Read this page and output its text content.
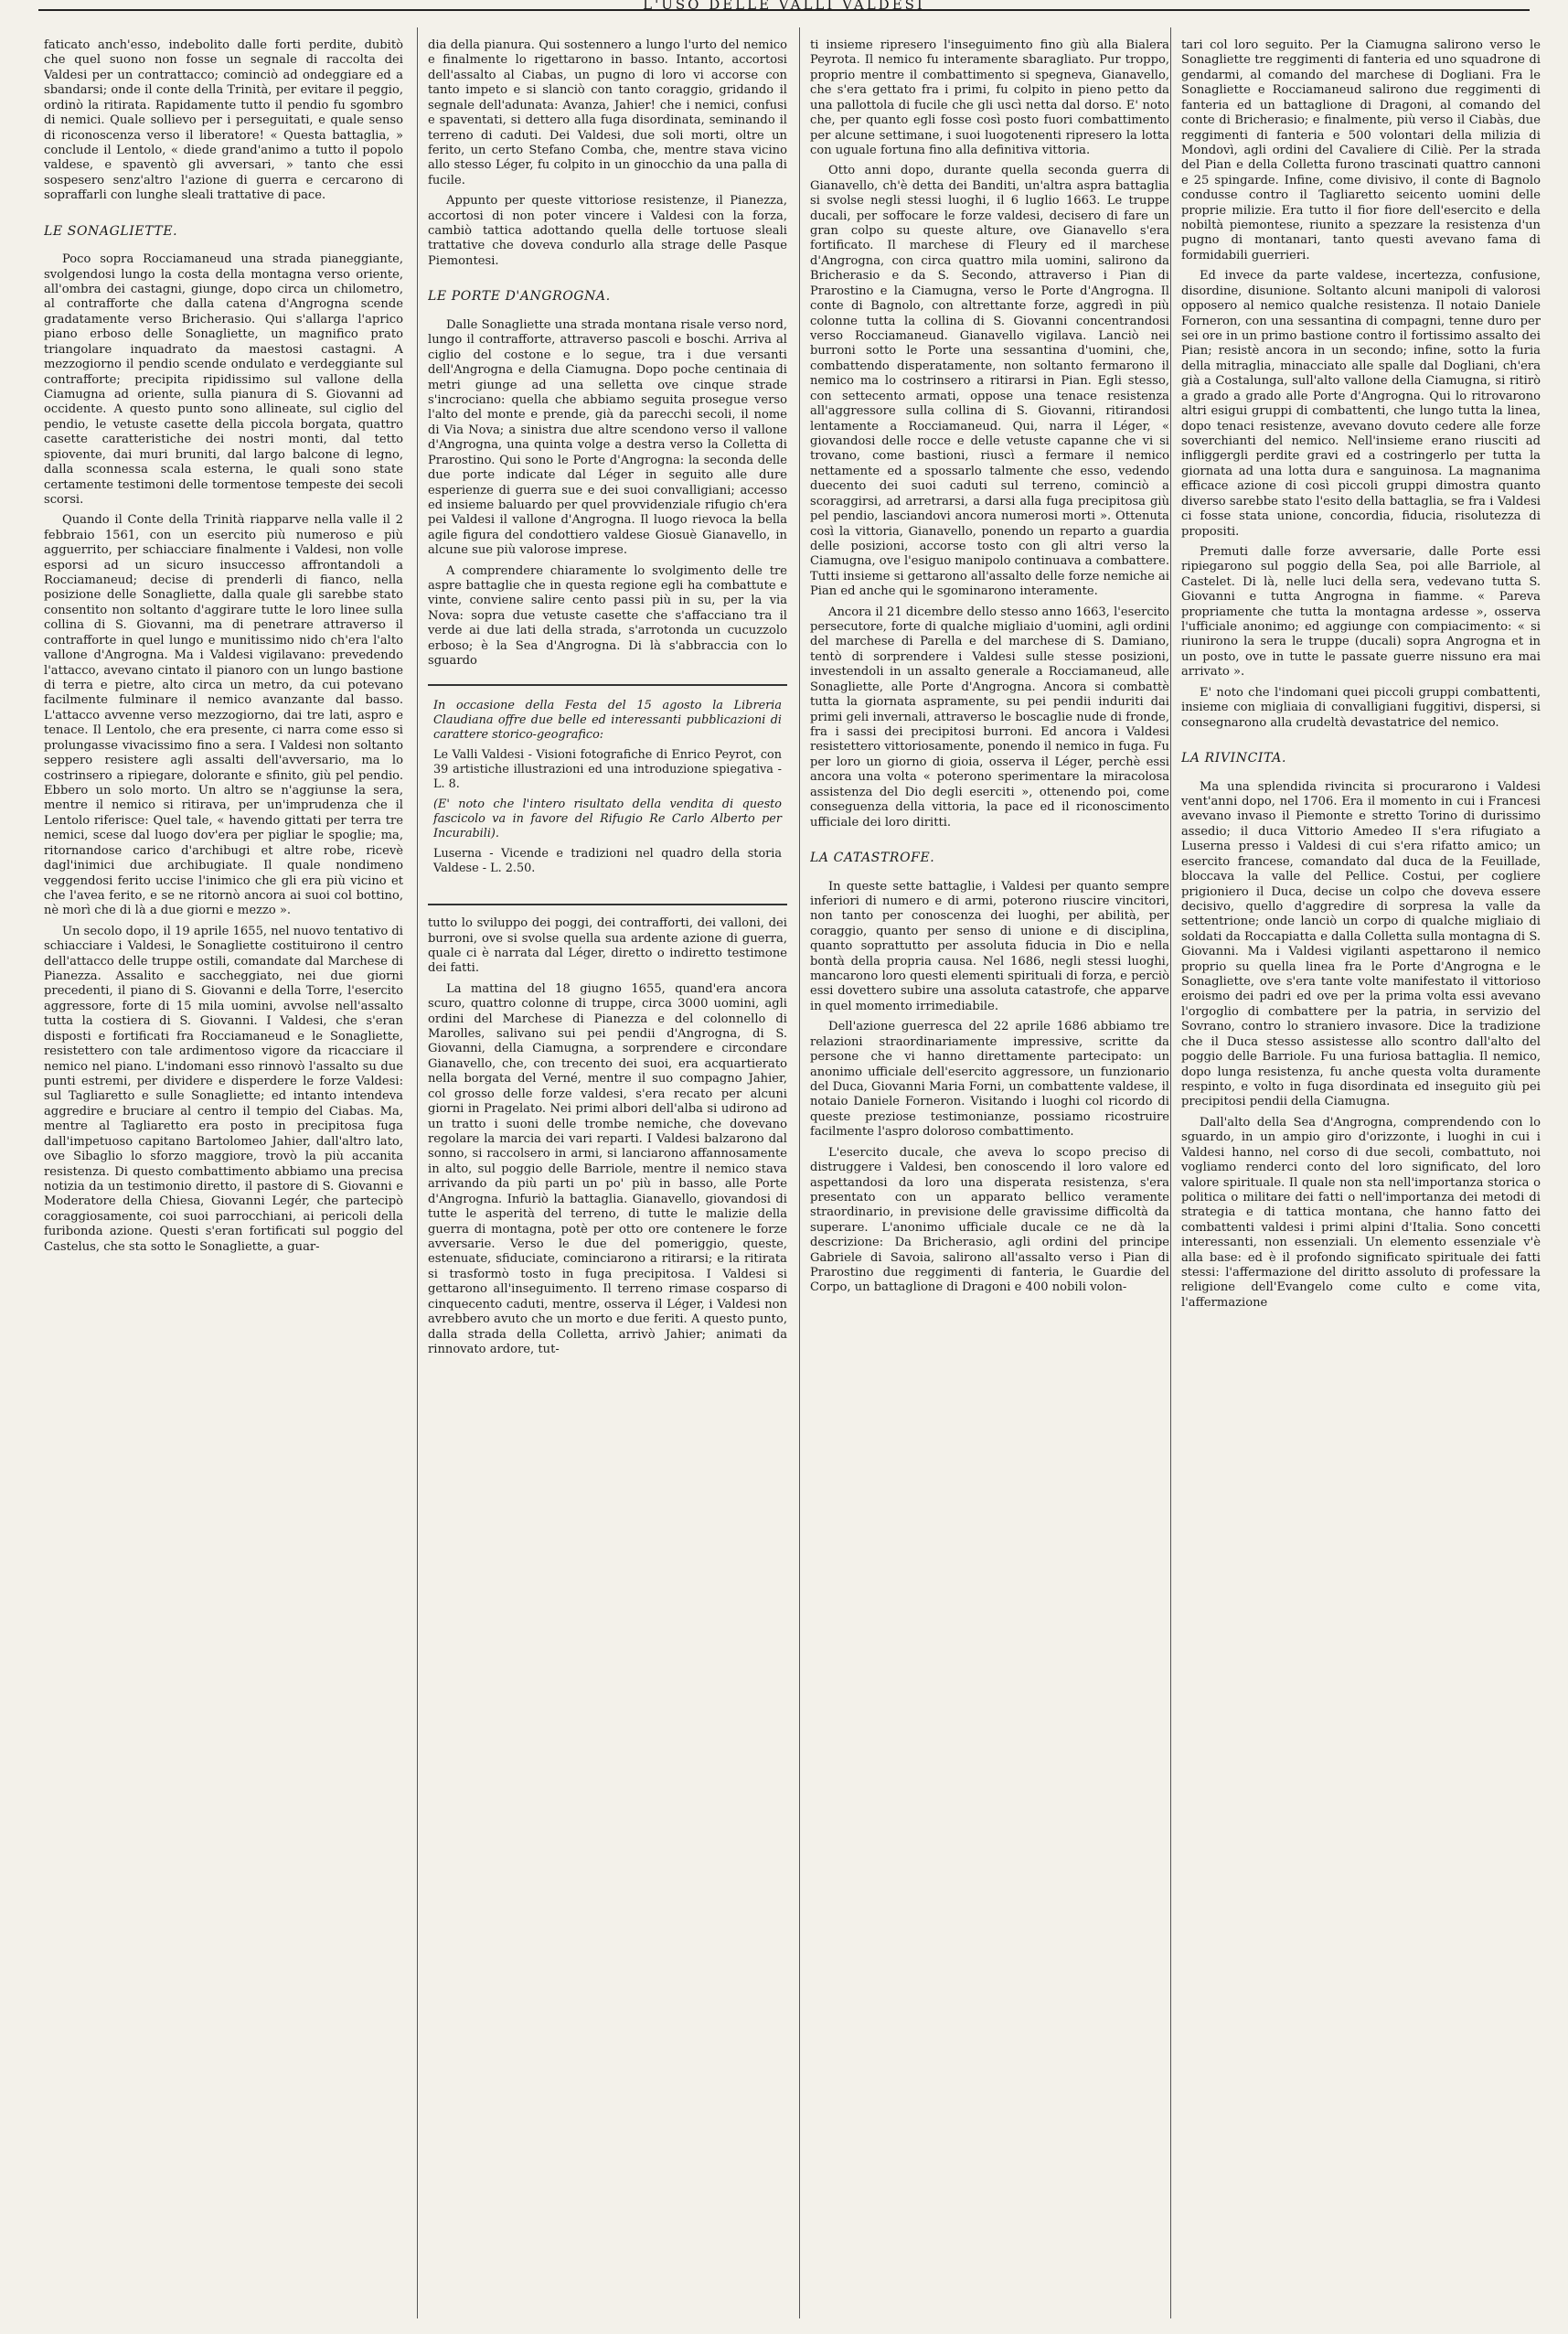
L'USO DELLE VALLI VALDESI

faticato anch'esso, indebolito dalle forti perdite, dubitò che quel suono non fosse un segnale di raccolta dei Valdesi per un contrattacco; cominciò ad ondeggiare ed a sbandarsi; onde il conte della Trinità, per evitare il peggio, ordinò la ritirata. Rapidamente tutto il pendio fu sgombro di nemici. Quale sollievo per i perseguitati, e quale senso di riconoscenza verso il liberatore! « Questa battaglia, » conclude il Lentolo, « diede grand'animo a tutto il popolo valdese, e spaventò gli avversari, » tanto che essi sospesero senz'altro l'azione di guerra e cercarono di sopraffarli con lunghe sleali trattative di pace.

LE SONAGLIETTE.

Poco sopra Rocciamaneud una strada pianeggiante, svolgendosi lungo la costa della montagna verso oriente, all'ombra dei castagni, giunge, dopo circa un chilometro, al contrafforte che dalla catena d'Angrogna scende gradatamente verso Bricherasio. Qui s'allarga l'aprico piano erboso delle Sonagliette, un magnifico prato triangolare inquadrato da maestosi castagni. A mezzogiorno il pendio scende ondulato e verdeggiante sul contrafforte; precipita ripidissimo sul vallone della Ciamugna ad oriente, sulla pianura di S. Giovanni ad occidente. A questo punto sono allineate, sul ciglio del pendio, le vetuste casette della piccola borgata, quattro casette caratteristiche dei nostri monti, dal tetto spiovente, dai muri bruniti, dal largo balcone di legno, dalla sconnessa scala esterna, le quali sono state certamente testimoni delle tormentose tempeste dei secoli scorsi.

Quando il Conte della Trinità riapparve nella valle il 2 febbraio 1561, con un esercito più numeroso e più agguerrito, per schiacciare finalmente i Valdesi, non volle esporsi ad un sicuro insuccesso affrontandoli a Rocciamaneud; decise di prenderli di fianco, nella posizione delle Sonagliette, dalla quale gli sarebbe stato consentito non soltanto d'aggirare tutte le loro linee sulla collina di S. Giovanni, ma di penetrare attraverso il contrafforte in quel lungo e munitissimo nido ch'era l'alto vallone d'Angrogna. Ma i Valdesi vigilavano: prevedendo l'attacco, avevano cintato il pianoro con un lungo bastione di terra e pietre, alto circa un metro, da cui potevano facilmente fulminare il nemico avanzante dal basso. L'attacco avvenne verso mezzogiorno, dai tre lati, aspro e tenace. Il Lentolo, che era presente, ci narra come esso si prolungasse vivacissimo fino a sera. I Valdesi non soltanto seppero resistere agli assalti dell'avversario, ma lo costrinsero a ripiegare, dolorante e sfinito, giù pel pendio. Ebbero un solo morto. Un altro se n'aggiunse la sera, mentre il nemico si ritirava, per un'imprudenza che il Lentolo riferisce: Quel tale, « havendo gittati per terra tre nemici, scese dal luogo dov'era per pigliar le spoglie; ma, ritornandose carico d'archibugi et altre robe, ricevè dagl'inimici due archibugiate. Il quale nondimeno veggendosi ferito uccise l'inimico che gli era più vicino et che l'avea ferito, e se ne ritornò ancora ai suoi col bottino, nè morì che di là a due giorni e mezzo ».

Un secolo dopo, il 19 aprile 1655, nel nuovo tentativo di schiacciare i Valdesi, le Sonagliette costituirono il centro dell'attacco delle truppe ostili, comandate dal Marchese di Pianezza. Assalito e saccheggiato, nei due giorni precedenti, il piano di S. Giovanni e della Torre, l'esercito aggressore, forte di 15 mila uomini, avvolse nell'assalto tutta la costiera di S. Giovanni. I Valdesi, che s'eran disposti e fortificati fra Rocciamaneud e le Sonagliette, resistettero con tale ardimentoso vigore da ricacciare il nemico nel piano. L'indomani esso rinnovò l'assalto su due punti estremi, per dividere e disperdere le forze Valdesi: sul Tagliaretto e sulle Sonagliette; ed intanto intendeva aggredire e bruciare al centro il tempio del Ciabas. Ma, mentre al Tagliaretto era posto in precipitosa fuga dall'impetuoso capitano Bartolomeo Jahier, dall'altro lato, ove Sibaglio lo sforzo maggiore, trovò la più accanita resistenza. Di questo combattimento abbiamo una precisa notizia da un testimonio diretto, il pastore di S. Giovanni e Moderatore della Chiesa, Giovanni Legér, che partecipò coraggiosamente, coi suoi parrocchiani, ai pericoli della furibonda azione. Questi s'eran fortificati sul poggio del Castelus, che sta sotto le Sonagliette, a guar-

dia della pianura. Qui sostennero a lungo l'urto del nemico e finalmente lo rigettarono in basso. Intanto, accortosi dell'assalto al Ciabas, un pugno di loro vi accorse con tanto impeto e si slanciò con tanto coraggio, gridando il segnale dell'adunata: Avanza, Jahier! che i nemici, confusi e spaventati, si dettero alla fuga disordinata, seminando il terreno di caduti. Dei Valdesi, due soli morti, oltre un ferito, un certo Stefano Comba, che, mentre stava vicino allo stesso Léger, fu colpito in un ginocchio da una palla di fucile.

Appunto per queste vittoriose resistenze, il Pianezza, accortosi di non poter vincere i Valdesi con la forza, cambiò tattica adottando quella delle tortuose sleali trattative che doveva condurlo alla strage delle Pasque Piemontesi.

LE PORTE D'ANGROGNA.

Dalle Sonagliette una strada montana risale verso nord, lungo il contrafforte, attraverso pascoli e boschi. Arriva al ciglio del costone e lo segue, tra i due versanti dell'Angrogna e della Ciamugna. Dopo poche centinaia di metri giunge ad una selletta ove cinque strade s'incrociano: quella che abbiamo seguita prosegue verso l'alto del monte e prende, già da parecchi secoli, il nome di Via Nova; a sinistra due altre scendono verso il vallone d'Angrogna, una quinta volge a destra verso la Colletta di Prarostino. Qui sono le Porte d'Angrogna: la seconda delle due porte indicate dal Léger in seguito alle dure esperienze di guerra sue e dei suoi convalligiani; accesso ed insieme baluardo per quel provvidenziale rifugio ch'era pei Valdesi il vallone d'Angrogna. Il luogo rievoca la bella agile figura del condottiero valdese Giosuè Gianavello, in alcune sue più valorose imprese.

A comprendere chiaramente lo svolgimento delle tre aspre battaglie che in questa regione egli ha combattute e vinte, conviene salire cento passi più in su, per la via Nova: sopra due vetuste casette che s'affacciano tra il verde ai due lati della strada, s'arrotonda un cucuzzolo erboso; è la Sea d'Angrogna. Di là s'abbraccia con lo sguardo

In occasione della Festa del 15 agosto la Libreria Claudiana offre due belle ed interessanti pubblicazioni di carattere storico-geografico:

Le Valli Valdesi - Visioni fotografiche di Enrico Peyrot, con 39 artistiche illustrazioni ed una introduzione spiegativa - L. 8.

(E' noto che l'intero risultato della vendita di questo fascicolo va in favore del Rifugio Re Carlo Alberto per Incurabili).

Luserna - Vicende e tradizioni nel quadro della storia Valdese - L. 2.50.

tutto lo sviluppo dei poggi, dei contrafforti, dei valloni, dei burroni, ove si svolse quella sua ardente azione di guerra, quale ci è narrata dal Léger, diretto o indiretto testimone dei fatti.

La mattina del 18 giugno 1655, quand'era ancora scuro, quattro colonne di truppe, circa 3000 uomini, agli ordini del Marchese di Pianezza e del colonnello di Marolles, salivano sui pei pendii d'Angrogna, di S. Giovanni, della Ciamugna, a sorprendere e circondare Gianavello, che, con trecento dei suoi, era acquartierato nella borgata del Verné, mentre il suo compagno Jahier, col grosso delle forze valdesi, s'era recato per alcuni giorni in Pragelato. Nei primi albori dell'alba si udirono ad un tratto i suoni delle trombe nemiche, che dovevano regolare la marcia dei vari reparti. I Valdesi balzarono dal sonno, si raccolsero in armi, si lanciarono affannosamente in alto, sul poggio delle Barriole, mentre il nemico stava arrivando da più parti un po' più in basso, alle Porte d'Angrogna. Infuriò la battaglia. Gianavello, giovandosi di tutte le asperità del terreno, di tutte le malizie della guerra di montagna, potè per otto ore contenere le forze avversarie. Verso le due del pomeriggio, queste, estenuate, sfiduciate, cominciarono a ritirarsi; e la ritirata si trasformò tosto in fuga precipitosa. I Valdesi si gettarono all'inseguimento. Il terreno rimase cosparso di cinquecento caduti, mentre, osserva il Léger, i Valdesi non avrebbero avuto che un morto e due feriti. A questo punto, dalla strada della Colletta, arrivò Jahier; animati da rinnovato ardore, tut-

ti insieme ripresero l'inseguimento fino giù alla Bialera Peyrota. Il nemico fu interamente sbaragliato. Pur troppo, proprio mentre il combattimento si spegneva, Gianavello, che s'era gettato fra i primi, fu colpito in pieno petto da una pallottola di fucile che gli uscì netta dal dorso. E' noto che, per quanto egli fosse così posto fuori combattimento per alcune settimane, i suoi luogotenenti ripresero la lotta con uguale fortuna fino alla definitiva vittoria.

Otto anni dopo, durante quella seconda guerra di Gianavello, ch'è detta dei Banditi, un'altra aspra battaglia si svolse negli stessi luoghi, il 6 luglio 1663. Le truppe ducali, per soffocare le forze valdesi, decisero di fare un gran colpo su queste alture, ove Gianavello s'era fortificato. Il marchese di Fleury ed il marchese d'Angrogna, con circa quattro mila uomini, salirono da Bricherasio e da S. Secondo, attraverso i Pian di Prarostino e la Ciamugna, verso le Porte d'Angrogna. Il conte di Bagnolo, con altrettante forze, aggredì in più colonne tutta la collina di S. Giovanni concentrandosi verso Rocciamaneud. Gianavello vigilava. Lanciò nei burroni sotto le Porte una sessantina d'uomini, che, combattendo disperatamente, non soltanto fermarono il nemico ma lo costrinsero a ritirarsi in Pian. Egli stesso, con settecento armati, oppose una tenace resistenza all'aggressore sulla collina di S. Giovanni, ritirandosi lentamente a Rocciamaneud. Qui, narra il Léger, « giovandosi delle rocce e delle vetuste capanne che vi si trovano, come bastioni, riuscì a fermare il nemico nettamente ed a spossarlo talmente che esso, vedendo duecento dei suoi caduti sul terreno, cominciò a scoraggirsi, ad arretrarsi, a darsi alla fuga precipitosa giù pel pendio, lasciandovi ancora numerosi morti ». Ottenuta così la vittoria, Gianavello, ponendo un reparto a guardia delle posizioni, accorse tosto con gli altri verso la Ciamugna, ove l'esiguo manipolo continuava a combattere. Tutti insieme si gettarono all'assalto delle forze nemiche ai Pian ed anche qui le sgominarono interamente.

Ancora il 21 dicembre dello stesso anno 1663, l'esercito persecutore, forte di qualche migliaio d'uomini, agli ordini del marchese di Parella e del marchese di S. Damiano, tentò di sorprendere i Valdesi sulle stesse posizioni, investendoli in un assalto generale a Rocciamaneud, alle Sonagliette, alle Porte d'Angrogna. Ancora si combattè tutta la giornata aspramente, su pei pendii induriti dai primi geli invernali, attraverso le boscaglie nude di fronde, fra i sassi dei precipitosi burroni. Ed ancora i Valdesi resistettero vittoriosamente, ponendo il nemico in fuga. Fu per loro un giorno di gioia, osserva il Léger, perchè essi ancora una volta « poterono sperimentare la miracolosa assistenza del Dio degli eserciti », ottenendo poi, come conseguenza della vittoria, la pace ed il riconoscimento ufficiale dei loro diritti.

LA CATASTROFE.

In queste sette battaglie, i Valdesi per quanto sempre inferiori di numero e di armi, poterono riuscire vincitori, non tanto per conoscenza dei luoghi, per abilità, per coraggio, quanto per senso di unione e di disciplina, quanto soprattutto per assoluta fiducia in Dio e nella bontà della propria causa. Nel 1686, negli stessi luoghi, mancarono loro questi elementi spirituali di forza, e perciò essi dovettero subire una assoluta catastrofe, che apparve in quel momento irrimediabile.

Dell'azione guerresca del 22 aprile 1686 abbiamo tre relazioni straordinariamente impressive, scritte da persone che vi hanno direttamente partecipato: un anonimo ufficiale dell'esercito aggressore, un funzionario del Duca, Giovanni Maria Forni, un combattente valdese, il notaio Daniele Forneron. Visitando i luoghi col ricordo di queste preziose testimonianze, possiamo ricostruire facilmente l'aspro doloroso combattimento.

L'esercito ducale, che aveva lo scopo preciso di distruggere i Valdesi, ben conoscendo il loro valore ed aspettandosi da loro una disperata resistenza, s'era presentato con un apparato bellico veramente straordinario, in previsione delle gravissime difficoltà da superare. L'anonimo ufficiale ducale ce ne dà la descrizione: Da Bricherasio, agli ordini del principe Gabriele di Savoia, salirono all'assalto verso i Pian di Prarostino due reggimenti di fanteria, le Guardie del Corpo, un battaglione di Dragoni e 400 nobili volon-

tari col loro seguito. Per la Ciamugna salirono verso le Sonagliette tre reggimenti di fanteria ed uno squadrone di gendarmi, al comando del marchese di Dogliani. Fra le Sonagliette e Rocciamaneud salirono due reggimenti di fanteria ed un battaglione di Dragoni, al comando del conte di Bricherasio; e finalmente, più verso il Ciabàs, due reggimenti di fanteria e 500 volontari della milizia di Mondovì, agli ordini del Cavaliere di Ciliè. Per la strada del Pian e della Colletta furono trascinati quattro cannoni e 25 spingarde. Infine, come divisivo, il conte di Bagnolo condusse contro il Tagliaretto seicento uomini delle proprie milizie. Era tutto il fior fiore dell'esercito e della nobiltà piemontese, riunito a spezzare la resistenza d'un pugno di montanari, tanto questi avevano fama di formidabili guerrieri.

Ed invece da parte valdese, incertezza, confusione, disordine, disunione. Soltanto alcuni manipoli di valorosi opposero al nemico qualche resistenza. Il notaio Daniele Forneron, con una sessantina di compagni, tenne duro per sei ore in un primo bastione contro il fortissimo assalto dei Pian; resistè ancora in un secondo; infine, sotto la furia della mitraglia, minacciato alle spalle dal Dogliani, ch'era già a Costalunga, sull'alto vallone della Ciamugna, si ritirò a grado a grado alle Porte d'Angrogna. Qui lo ritrovarono altri esigui gruppi di combattenti, che lungo tutta la linea, dopo tenaci resistenze, avevano dovuto cedere alle forze soverchianti del nemico. Nell'insieme erano riusciti ad infliggergli perdite gravi ed a costringerlo per tutta la giornata ad una lotta dura e sanguinosa. La magnanima efficace azione di così piccoli gruppi dimostra quanto diverso sarebbe stato l'esito della battaglia, se fra i Valdesi ci fosse stata unione, concordia, fiducia, risolutezza di propositi.

Premuti dalle forze avversarie, dalle Porte essi ripiegarono sul poggio della Sea, poi alle Barriole, al Castelet. Di là, nelle luci della sera, vedevano tutta S. Giovanni e tutta Angrogna in fiamme. « Pareva propriamente che tutta la montagna ardesse », osserva l'ufficiale anonimo; ed aggiunge con compiacimento: « si riunirono la sera le truppe (ducali) sopra Angrogna et in un posto, ove in tutte le passate guerre nissuno era mai arrivato ».

E' noto che l'indomani quei piccoli gruppi combattenti, insieme con migliaia di convalligiani fuggitivi, dispersi, si consegnarono alla crudeltà devastatrice del nemico.

LA RIVINCITA.

Ma una splendida rivincita si procurarono i Valdesi vent'anni dopo, nel 1706. Era il momento in cui i Francesi avevano invaso il Piemonte e stretto Torino di durissimo assedio; il duca Vittorio Amedeo II s'era rifugiato a Luserna presso i Valdesi di cui s'era rifatto amico; un esercito francese, comandato dal duca de la Feuillade, bloccava la valle del Pellice. Costui, per cogliere prigioniero il Duca, decise un colpo che doveva essere decisivo, quello d'aggredire di sorpresa la valle da settentrione; onde lanciò un corpo di qualche migliaio di soldati da Roccapiatta e dalla Colletta sulla montagna di S. Giovanni. Ma i Valdesi vigilanti aspettarono il nemico proprio su quella linea fra le Porte d'Angrogna e le Sonagliette, ove s'era tante volte manifestato il vittorioso eroismo dei padri ed ove per la prima volta essi avevano l'orgoglio di combattere per la patria, in servizio del Sovrano, contro lo straniero invasore. Dice la tradizione che il Duca stesso assistesse allo scontro dall'alto del poggio delle Barriole. Fu una furiosa battaglia. Il nemico, dopo lunga resistenza, fu anche questa volta duramente respinto, e volto in fuga disordinata ed inseguito giù pei precipitosi pendii della Ciamugna.

Dall'alto della Sea d'Angrogna, comprendendo con lo sguardo, in un ampio giro d'orizzonte, i luoghi in cui i Valdesi hanno, nel corso di due secoli, combattuto, noi vogliamo renderci conto del loro significato, del loro valore spirituale. Il quale non sta nell'importanza storica o politica o militare dei fatti o nell'importanza dei metodi di strategia e di tattica montana, che hanno fatto dei combattenti valdesi i primi alpini d'Italia. Sono concetti interessanti, non essenziali. Un elemento essenziale v'è alla base: ed è il profondo significato spirituale dei fatti stessi: l'affermazione del diritto assoluto di professare la religione dell'Evangelo come culto e come vita, l'affermazione
